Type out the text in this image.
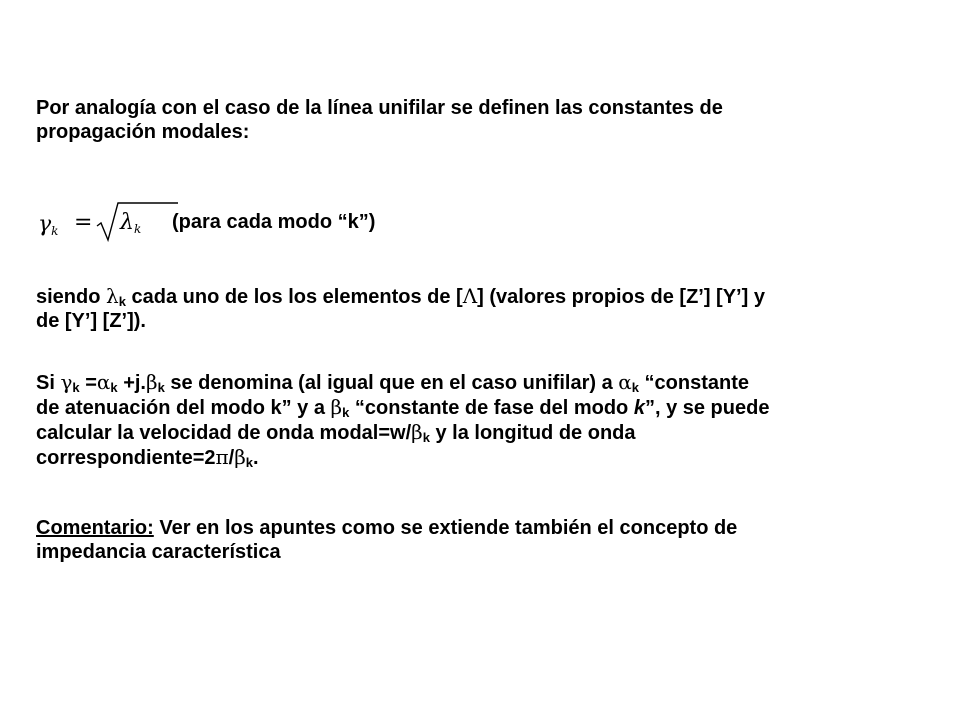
Por analogía con el caso de la línea unifilar se definen las constantes de
propagación modales:

$\gamma_k = \lambda_k$ (para cada modo “k”)

siendo $\lambda_k$ cada uno de los los elementos de [Λ] (valores propios de [Z’] [Y’] y
de [Y’] [Z’]).

Si $\gamma_k =\alpha_k +j.\beta_k$ se denomina (al igual que en el caso unifilar) a $\alpha_k$ “constante
de atenuación del modo k” y a $\beta_k$ “constante de fase del modo k”, y se puede
calcular la velocidad de onda $modal=w/\beta_k$ y la longitud de onda
$correspondiente=2\pi/\beta_k$.

Comentario: Ver en los apuntes como se extiende también el concepto de
impedancia característica
